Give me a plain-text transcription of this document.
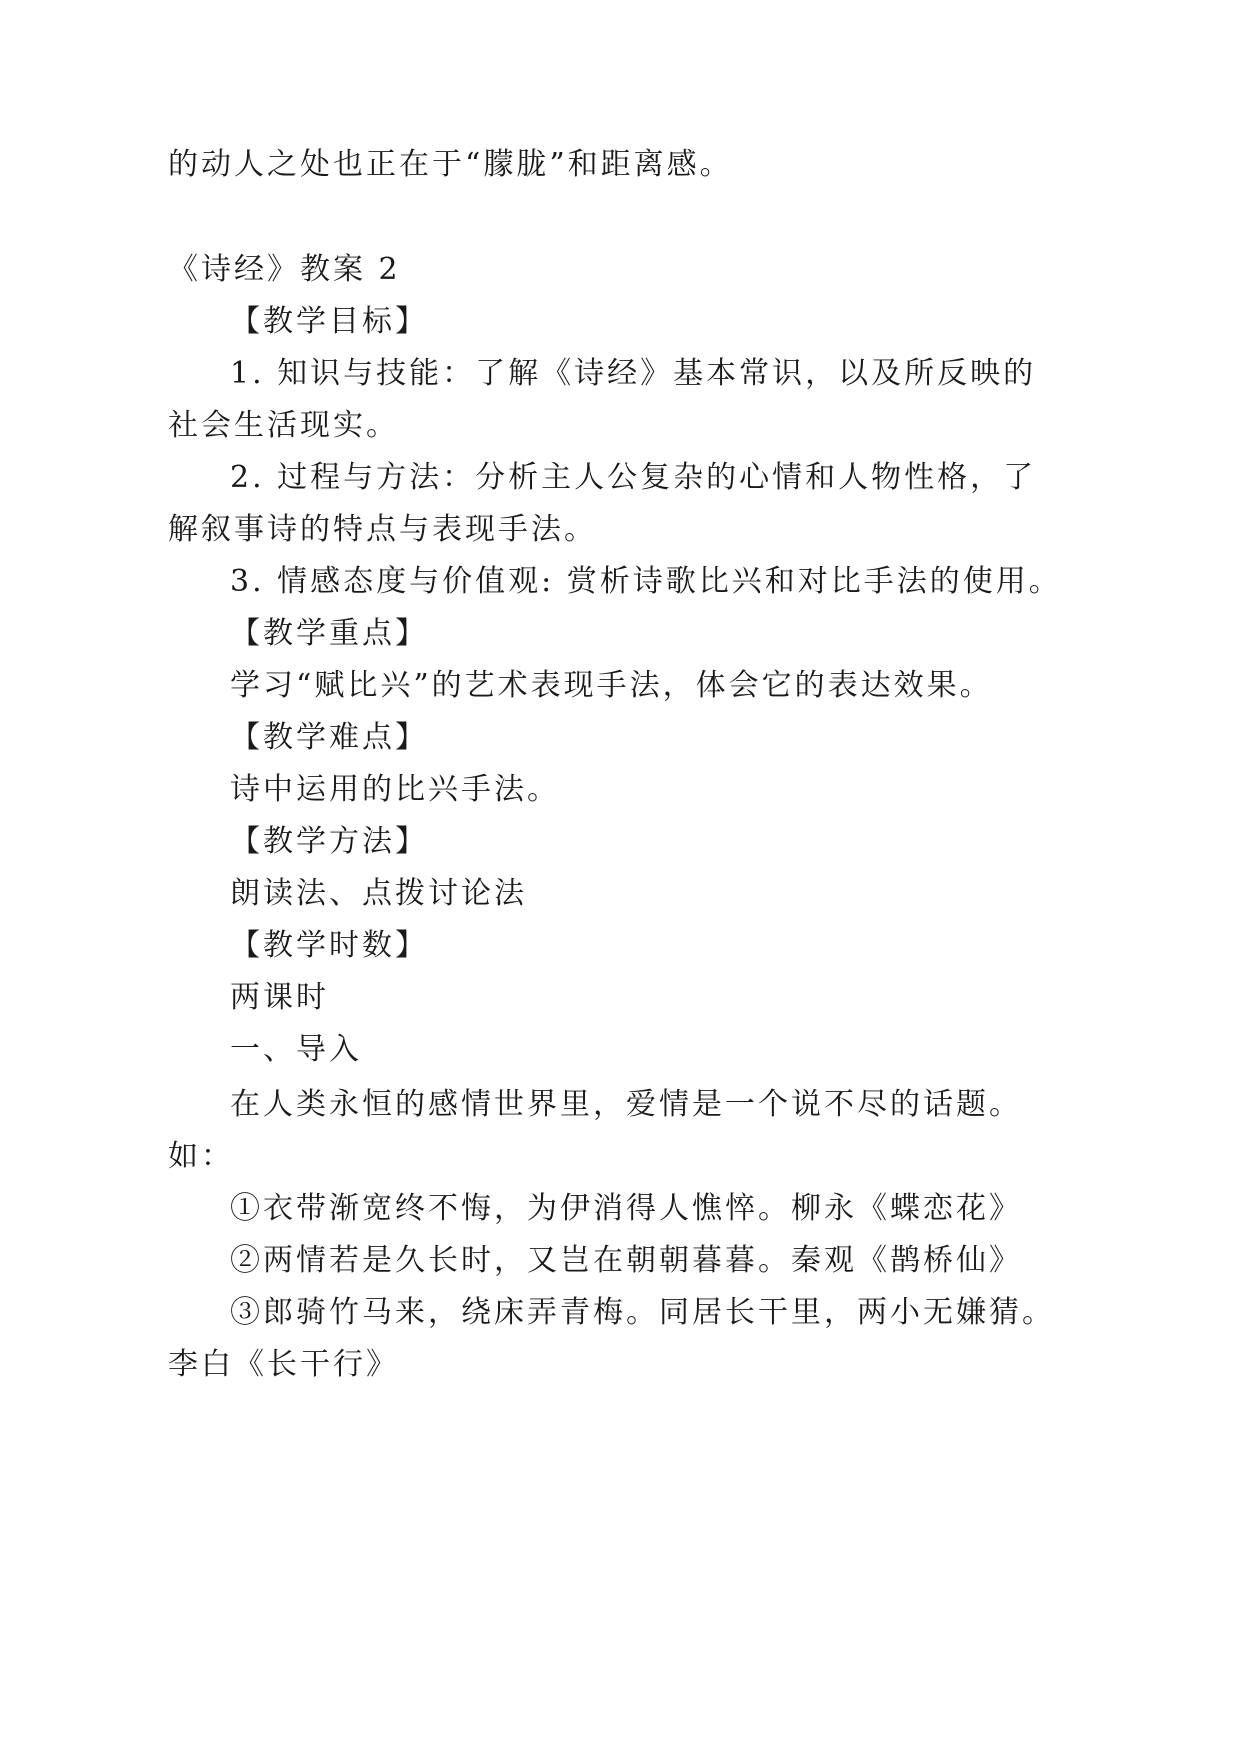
的动人之处也正在于“朦胧”和距离感。
《诗经》教案 2
【教学目标】
1. 知识与技能：了解《诗经》基本常识，以及所反映的
社会生活现实。
2. 过程与方法：分析主人公复杂的心情和人物性格，了
解叙事诗的特点与表现手法。
3. 情感态度与价值观: 赏析诗歌比兴和对比手法的使用。
【教学重点】
学习“赋比兴”的艺术表现手法，体会它的表达效果。
【教学难点】
诗中运用的比兴手法。
【教学方法】
朗读法、点拨讨论法
【教学时数】
两课时
一、导入
在人类永恒的感情世界里，爱情是一个说不尽的话题。
如：
①衣带渐宽终不悔，为伊消得人憔悴。柳永《蝶恋花》
②两情若是久长时，又岂在朝朝暮暮。秦观《鹊桥仙》
③郎骑竹马来，绕床弄青梅。同居长干里，两小无嫌猜。
李白《长干行》
